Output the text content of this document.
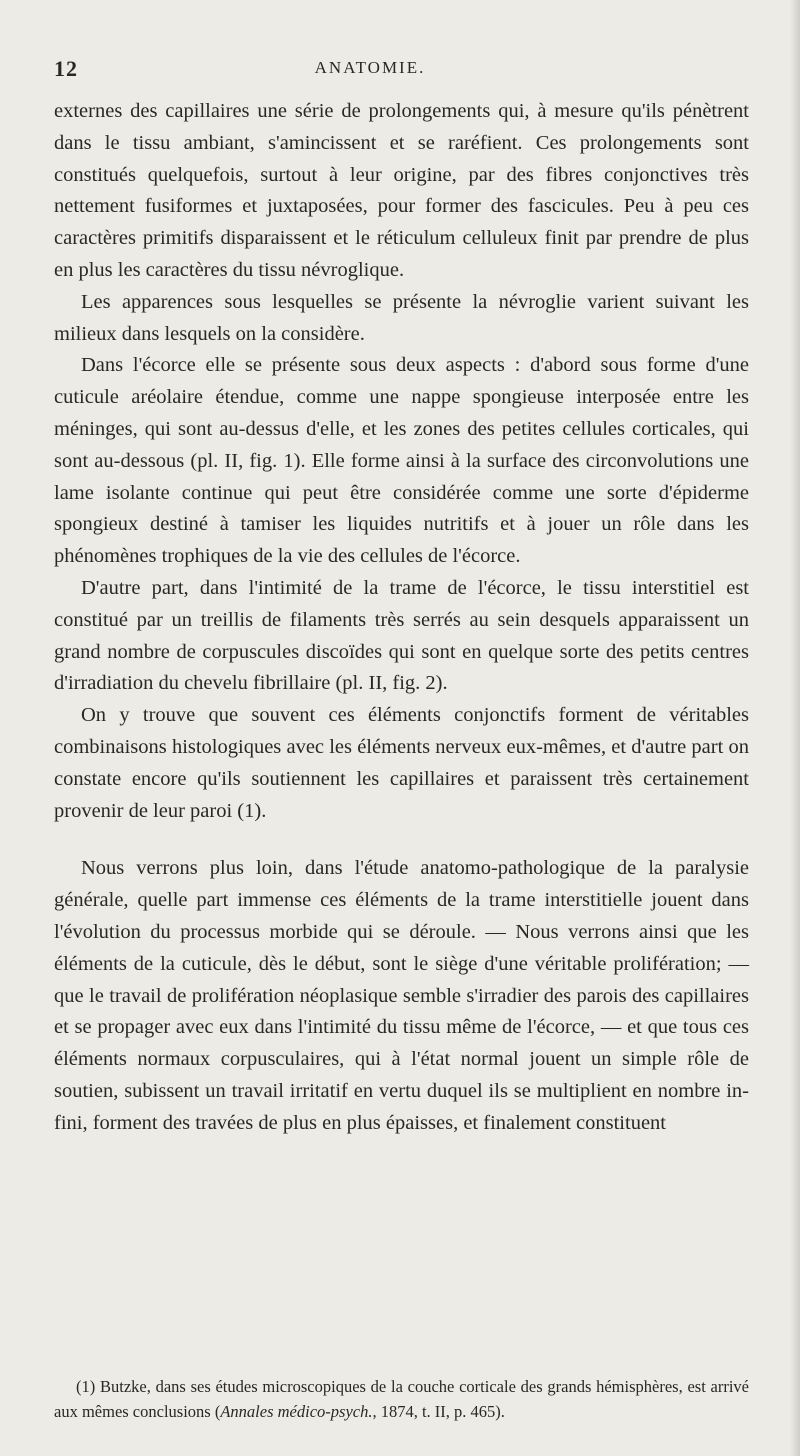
12	ANATOMIE.

externes des capillaires une série de prolongements qui, à mesure qu'ils pénètrent dans le tissu ambiant, s'amincissent et se raréfient. Ces prolongements sont constitués quelquefois, surtout à leur origine, par des fibres conjonctives très nettement fusiformes et juxtaposées, pour former des fascicules. Peu à peu ces caractères primitifs disparaissent et le réticulum celluleux finit par prendre de plus en plus les caractères du tissu névroglique.

Les apparences sous lesquelles se présente la névroglie varient suivant les milieux dans lesquels on la considère.

Dans l'écorce elle se présente sous deux aspects : d'abord sous forme d'une cuticule aréolaire étendue, comme une nappe spongieuse interposée entre les méninges, qui sont au-dessus d'elle, et les zones des petites cellules corticales, qui sont au-dessous (pl. II, fig. 1). Elle forme ainsi à la surface des circonvolutions une lame isolante continue qui peut être considérée comme une sorte d'épiderme spongieux destiné à tamiser les liquides nutritifs et à jouer un rôle dans les phénomènes trophiques de la vie des cellules de l'écorce.

D'autre part, dans l'intimité de la trame de l'écorce, le tissu interstitiel est constitué par un treillis de filaments très serrés au sein desquels apparaissent un grand nombre de corpuscules discoïdes qui sont en quelque sorte des petits centres d'irradiation du chevelu fibrillaire (pl. II, fig. 2).

On y trouve que souvent ces éléments conjonctifs forment de véritables combinaisons histologiques avec les éléments nerveux eux-mêmes, et d'autre part on constate encore qu'ils soutiennent les capillaires et paraissent très certainement provenir de leur paroi (1).

Nous verrons plus loin, dans l'étude anatomo-pathologique de la paralysie générale, quelle part immense ces éléments de la trame interstitielle jouent dans l'évolution du processus morbide qui se déroule. — Nous verrons ainsi que les éléments de la cuticule, dès le début, sont le siège d'une véritable prolifération; — que le travail de prolifération néoplasique semble s'irradier des parois des capillaires et se propager avec eux dans l'intimité du tissu même de l'écorce, — et que tous ces éléments normaux corpusculaires, qui à l'état normal jouent un simple rôle de soutien, subissent un travail irritatif en vertu duquel ils se multiplient en nombre infini, forment des travées de plus en plus épaisses, et finalement constituent

(1) Butzke, dans ses études microscopiques de la couche corticale des grands hémisphères, est arrivé aux mêmes conclusions (Annales médico-psych., 1874, t. II, p. 465).
